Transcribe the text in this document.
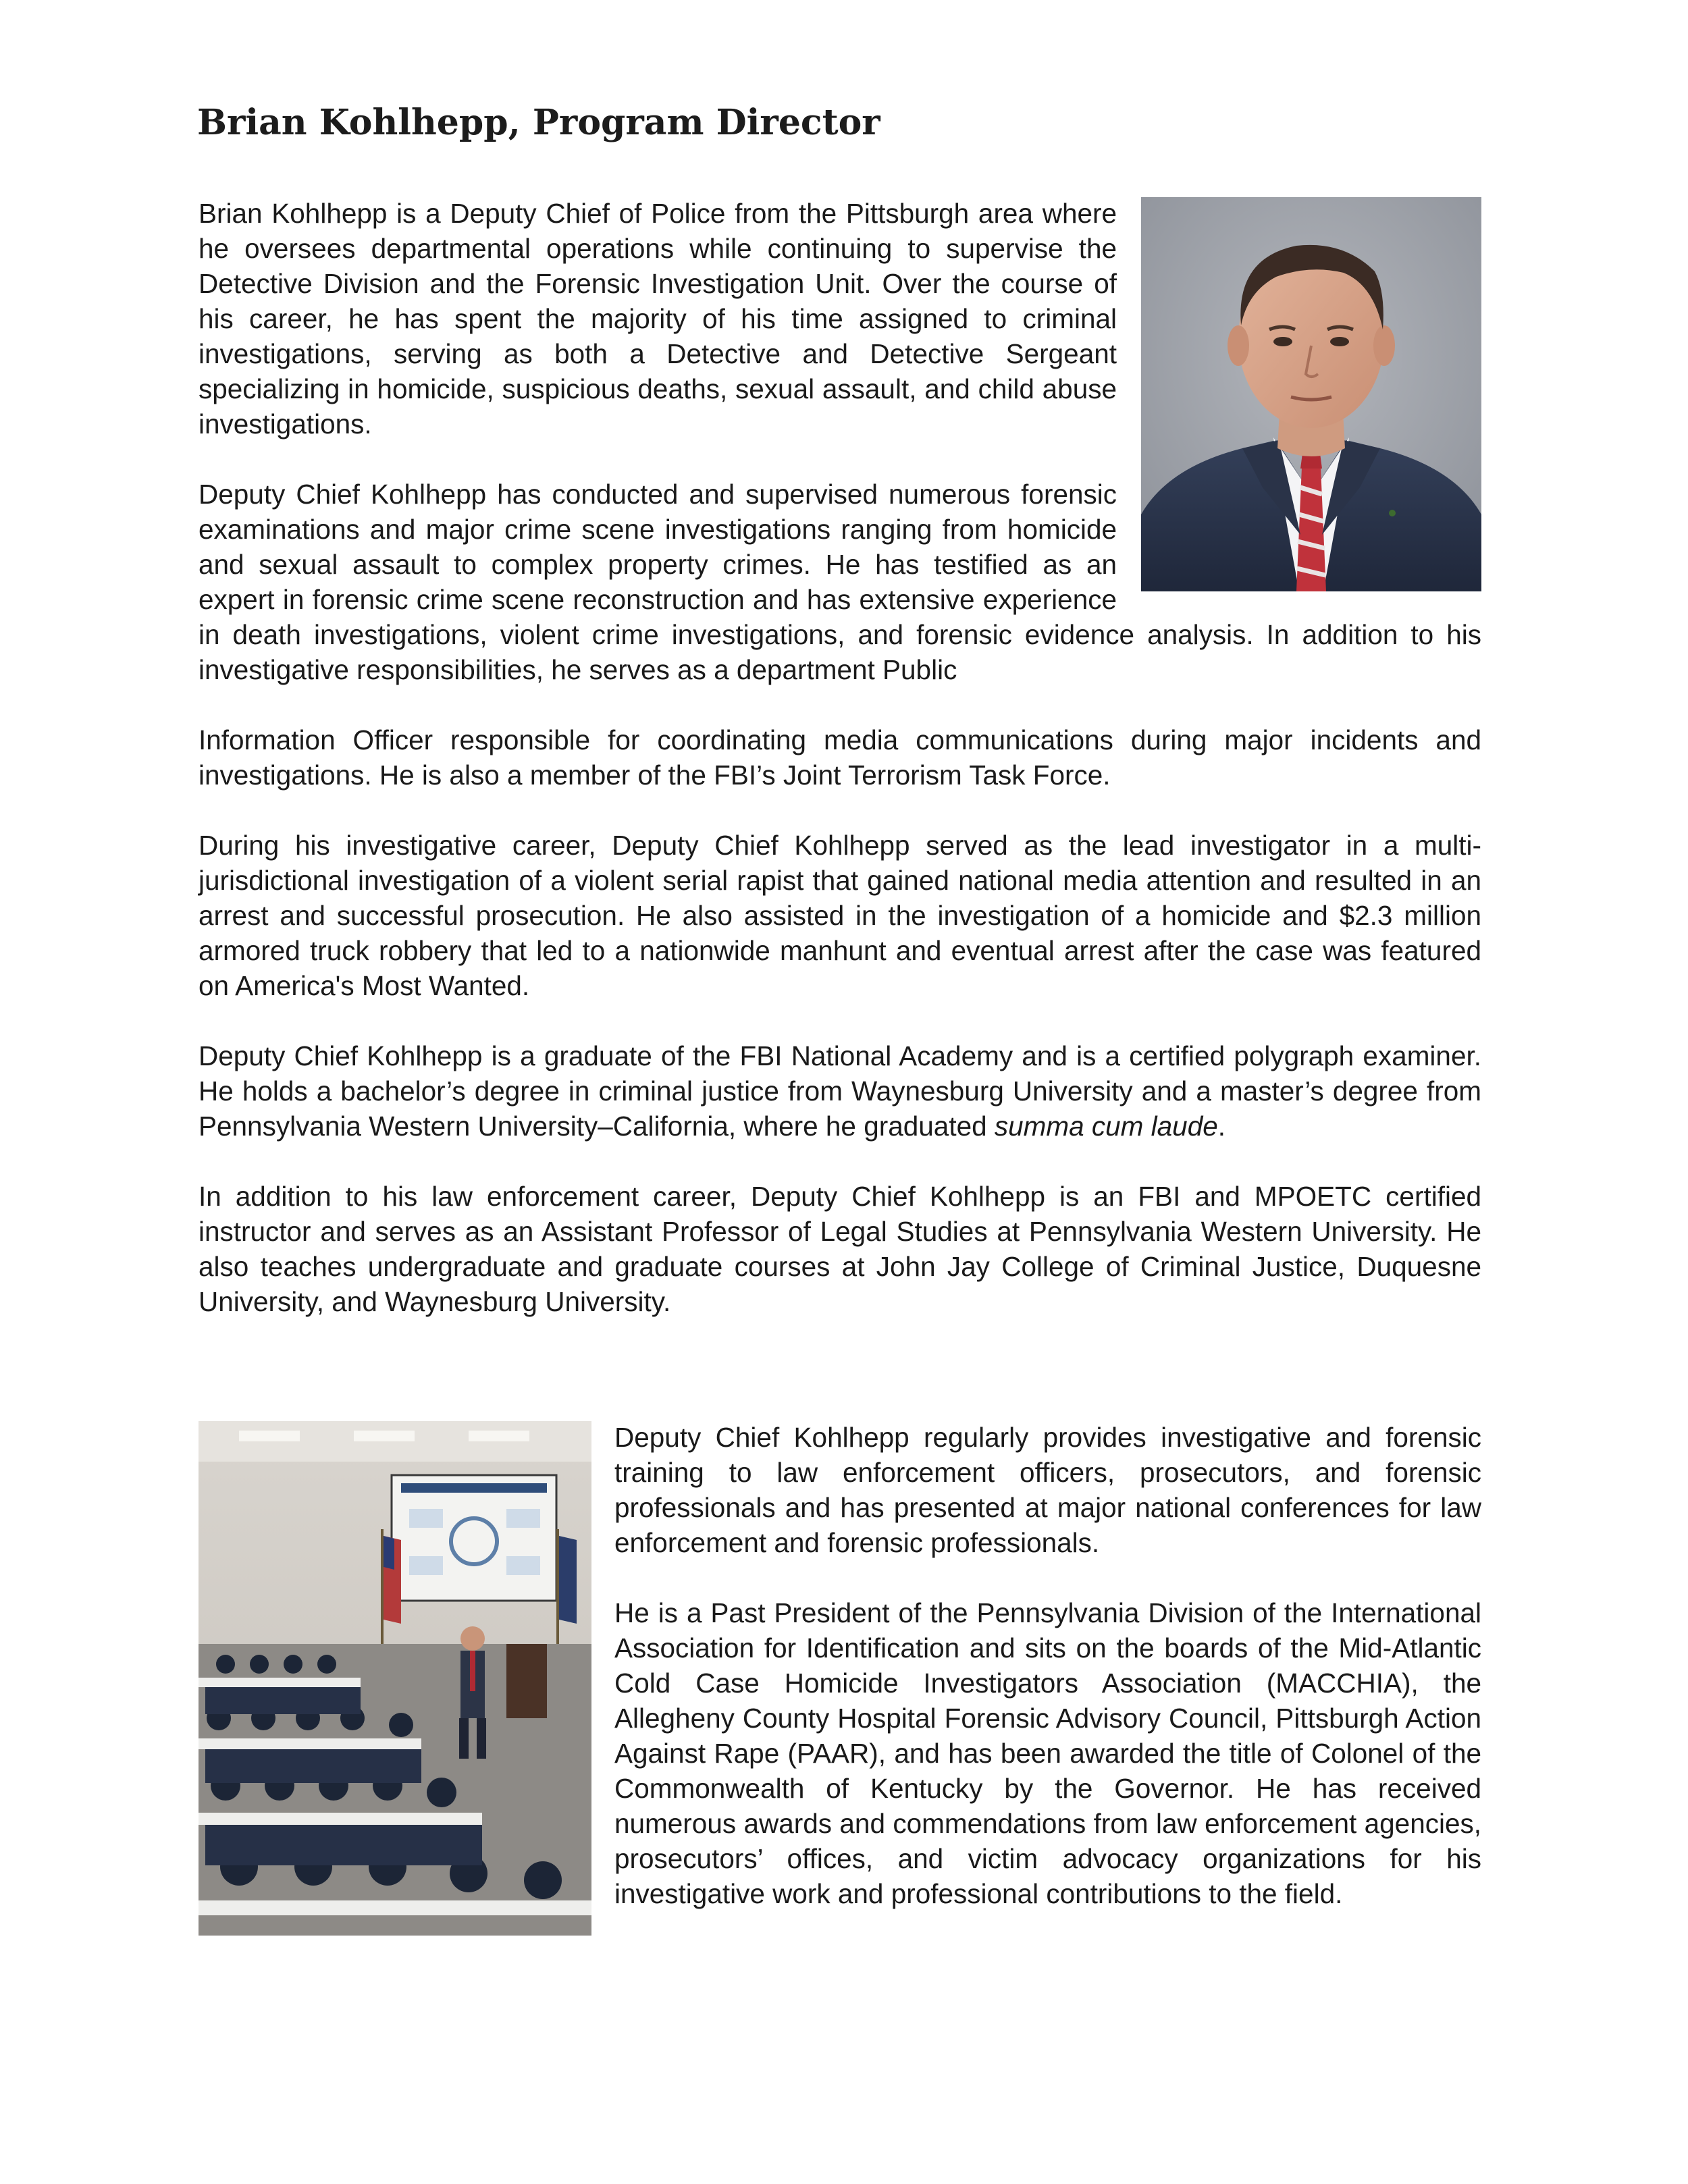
Brian Kohlhepp, Program Director

Brian Kohlhepp is a Deputy Chief of Police from the Pittsburgh area where he oversees departmental operations while continuing to supervise the Detective Division and the Forensic Investigation Unit. Over the course of his career, he has spent the majority of his time assigned to criminal investigations, serving as both a Detective and Detective Sergeant specializing in homicide, suspicious deaths, sexual assault, and child abuse investigations.

Deputy Chief Kohlhepp has conducted and supervised numerous forensic examinations and major crime scene investigations ranging from homicide and sexual assault to complex property crimes. He has testified as an expert in forensic crime scene reconstruction and has extensive experience in death investigations, violent crime investigations, and forensic evidence analysis. In addition to his investigative responsibilities, he serves as a department Public

Information Officer responsible for coordinating media communications during major incidents and investigations. He is also a member of the FBI’s Joint Terrorism Task Force.

During his investigative career, Deputy Chief Kohlhepp served as the lead investigator in a multi-jurisdictional investigation of a violent serial rapist that gained national media attention and resulted in an arrest and successful prosecution. He also assisted in the investigation of a homicide and $2.3 million armored truck robbery that led to a nationwide manhunt and eventual arrest after the case was featured on America's Most Wanted.

Deputy Chief Kohlhepp is a graduate of the FBI National Academy and is a certified polygraph examiner. He holds a bachelor’s degree in criminal justice from Waynesburg University and a master’s degree from Pennsylvania Western University–California, where he graduated summa cum laude.

In addition to his law enforcement career, Deputy Chief Kohlhepp is an FBI and MPOETC certified instructor and serves as an Assistant Professor of Legal Studies at Pennsylvania Western University. He also teaches undergraduate and graduate courses at John Jay College of Criminal Justice, Duquesne University, and Waynesburg University.

Deputy Chief Kohlhepp regularly provides investigative and forensic training to law enforcement officers, prosecutors, and forensic professionals and has presented at major national conferences for law enforcement and forensic professionals.

He is a Past President of the Pennsylvania Division of the International Association for Identification and sits on the boards of the Mid-Atlantic Cold Case Homicide Investigators Association (MACCHIA), the Allegheny County Hospital Forensic Advisory Council, Pittsburgh Action Against Rape (PAAR), and has been awarded the title of Colonel of the Commonwealth of Kentucky by the Governor. He has received numerous awards and commendations from law enforcement agencies, prosecutors’ offices, and victim advocacy organizations for his investigative work and professional contributions to the field.
